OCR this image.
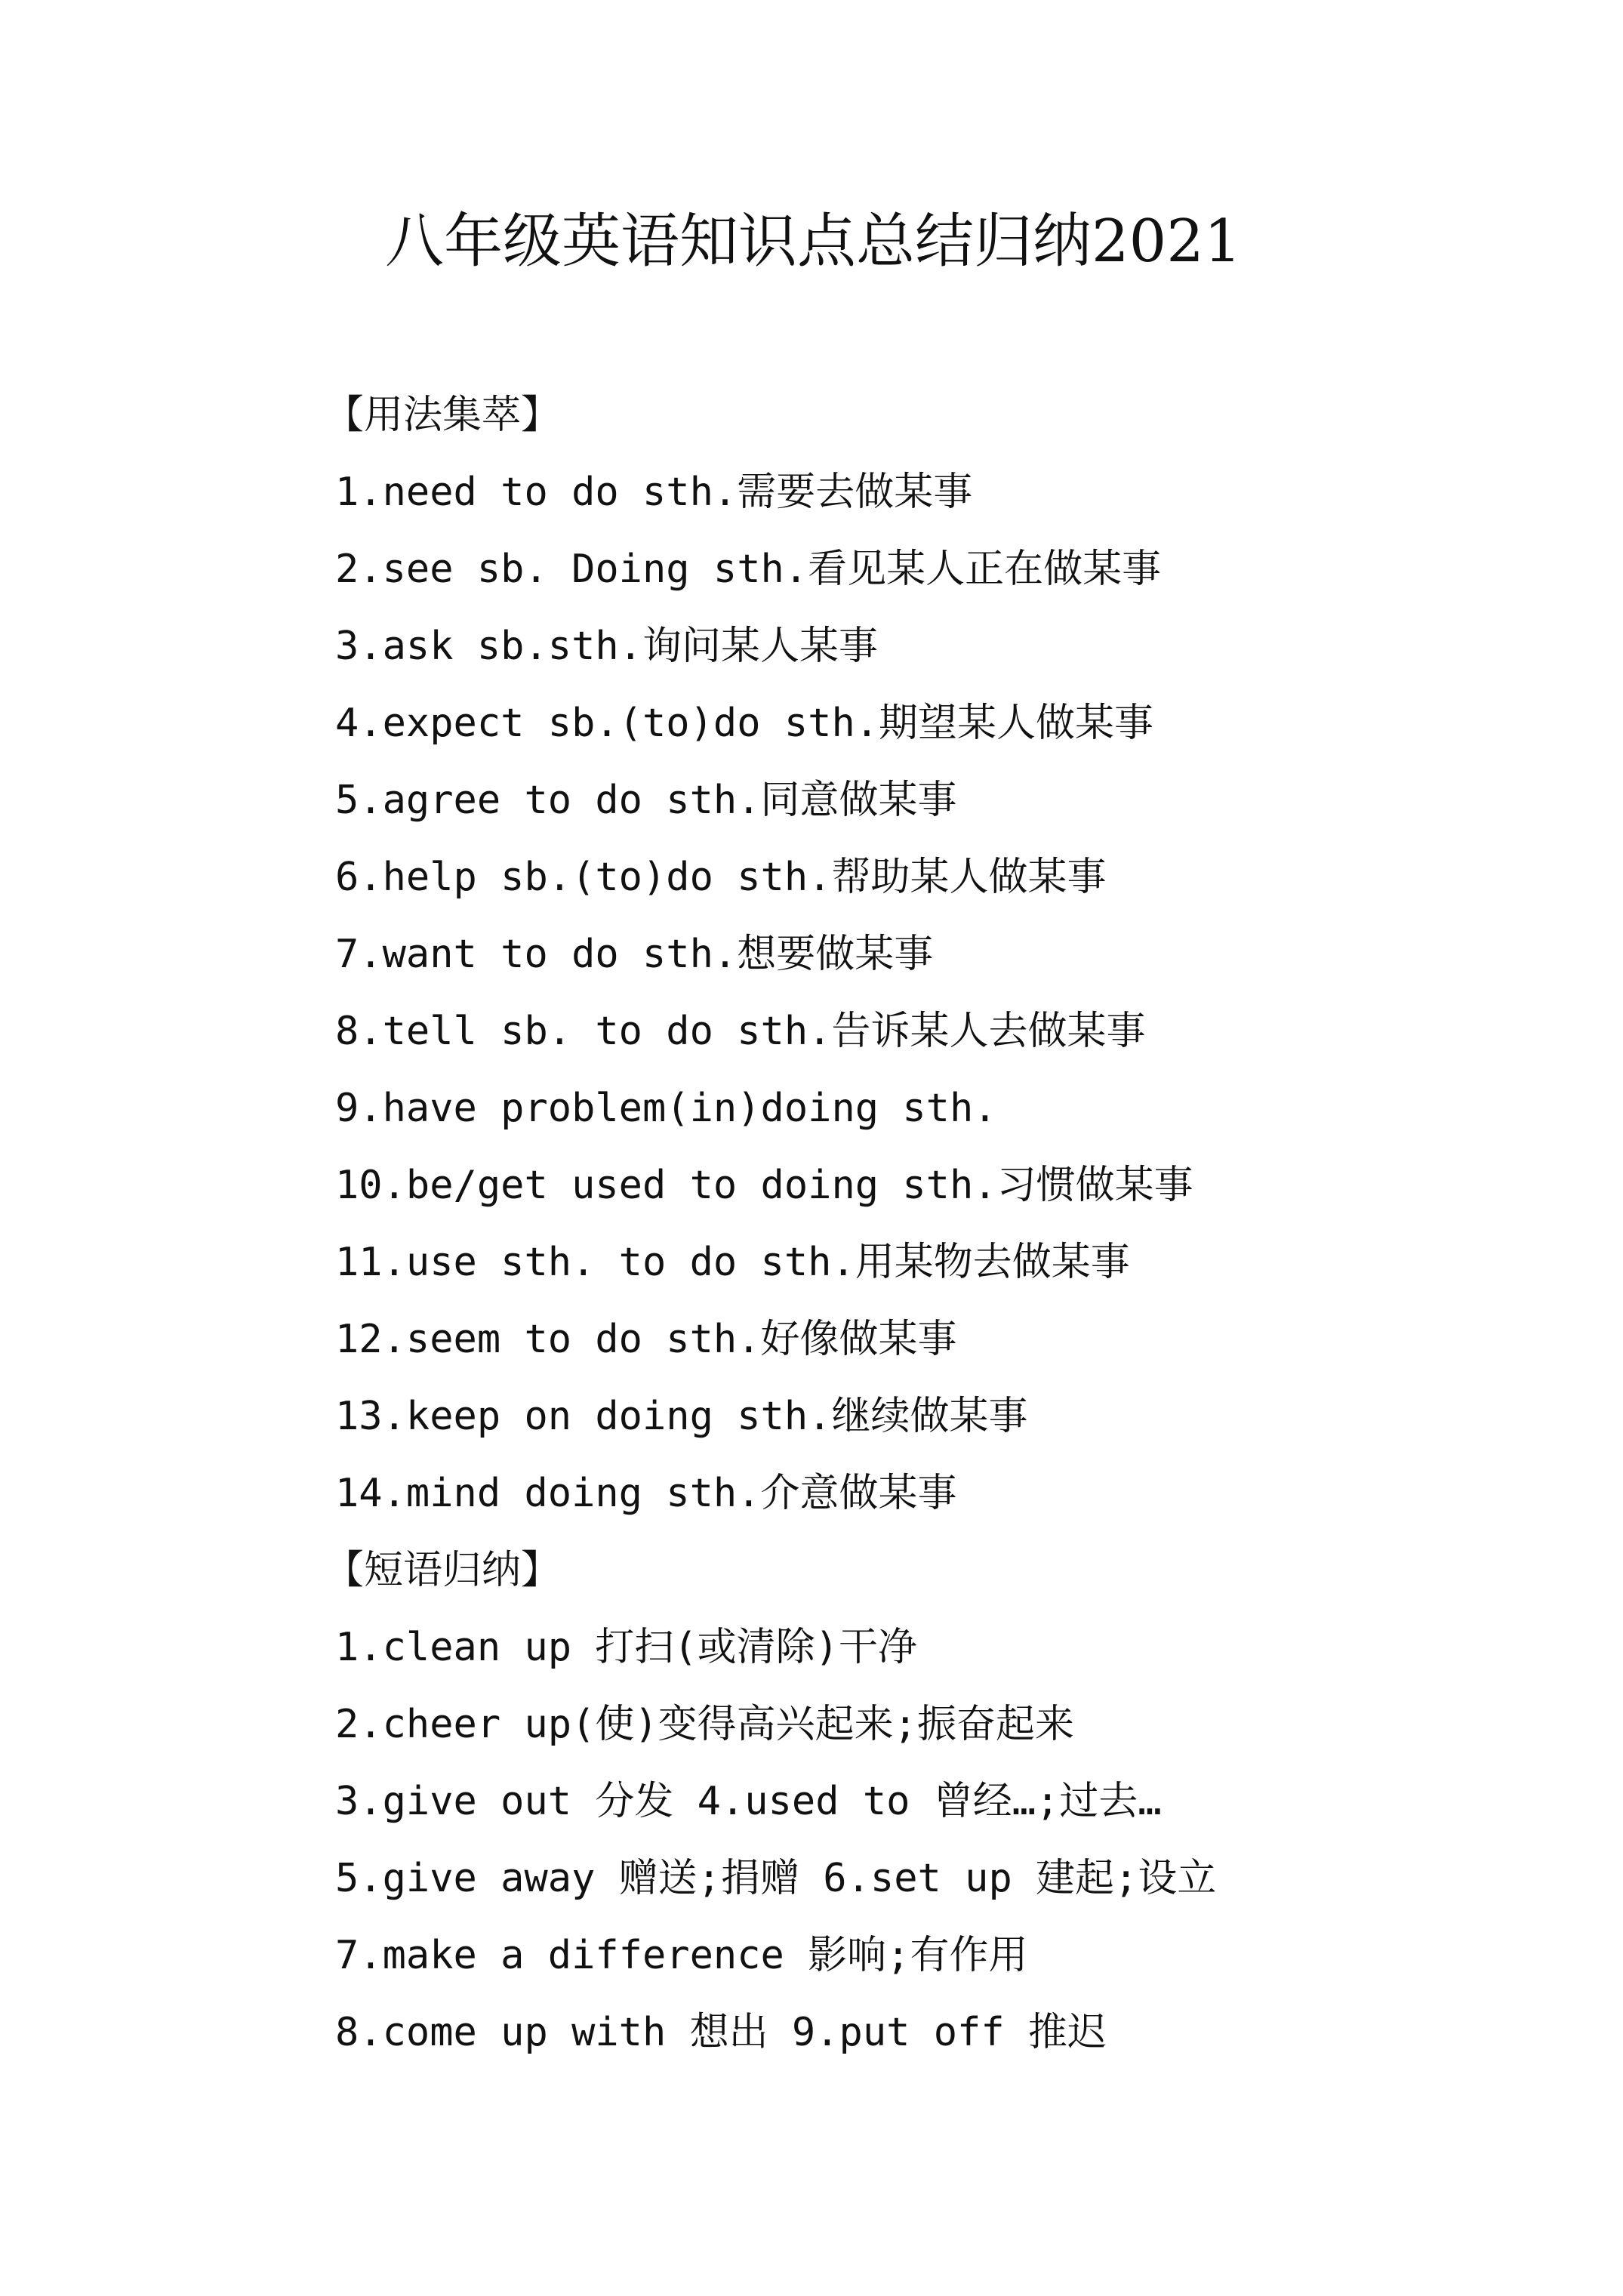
八年级英语知识点总结归纳2021
【用法集萃】
1.need to do sth.需要去做某事
2.see sb. Doing sth.看见某人正在做某事
3.ask sb.sth.询问某人某事
4.expect sb.(to)do sth.期望某人做某事
5.agree to do sth.同意做某事
6.help sb.(to)do sth.帮助某人做某事
7.want to do sth.想要做某事
8.tell sb. to do sth.告诉某人去做某事
9.have problem(in)doing sth.
10.be/get used to doing sth.习惯做某事
11.use sth. to do sth.用某物去做某事
12.seem to do sth.好像做某事
13.keep on doing sth.继续做某事
14.mind doing sth.介意做某事
【短语归纳】
1.clean up 打扫(或清除)干净
2.cheer up(使)变得高兴起来;振奋起来
3.give out 分发 4.used to 曾经…;过去…
5.give away 赠送;捐赠 6.set up 建起;设立
7.make a difference 影响;有作用
8.come up with 想出 9.put off 推迟
